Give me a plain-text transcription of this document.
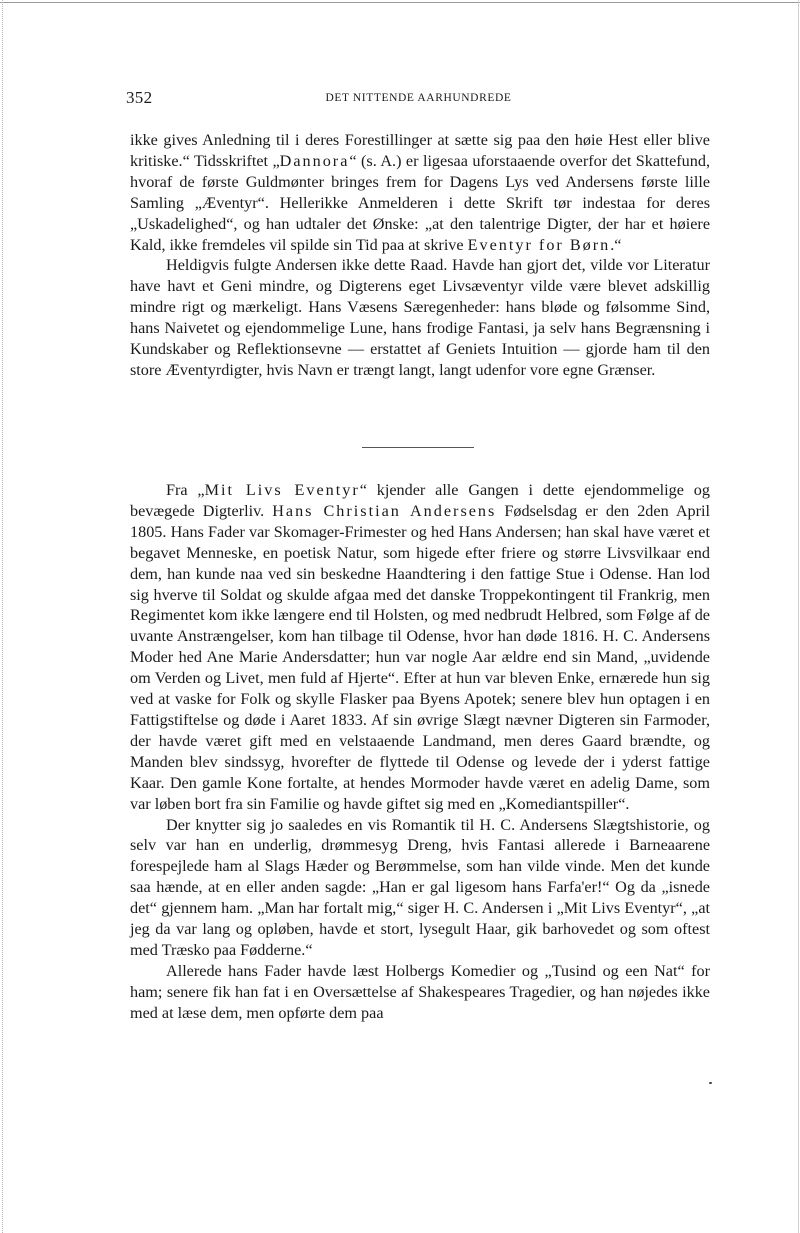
352	DET NITTENDE AARHUNDREDE

ikke gives Anledning til i deres Forestillinger at sætte sig paa den høie Hest eller blive kritiske.“ Tidsskriftet „Dannora“ (s. A.) er ligesaa uforstaaende overfor det Skattefund, hvoraf de første Guldmønter bringes frem for Dagens Lys ved Andersens første lille Samling „Æventyr“. Hellerikke Anmelderen i dette Skrift tør indestaa for deres „Uskadelighed“, og han udtaler det Ønske: „at den talentrige Digter, der har et høiere Kald, ikke fremdeles vil spilde sin Tid paa at skrive Eventyr for Børn.“

Heldigvis fulgte Andersen ikke dette Raad. Havde han gjort det, vilde vor Literatur have havt et Geni mindre, og Digterens eget Livsæventyr vilde være blevet adskillig mindre rigt og mærkeligt. Hans Væsens Særegenheder: hans bløde og følsomme Sind, hans Naivetet og ejendommelige Lune, hans frodige Fantasi, ja selv hans Begrænsning i Kundskaber og Reflektionsevne — erstattet af Geniets Intuition — gjorde ham til den store Æventyrdigter, hvis Navn er trængt langt, langt udenfor vore egne Grænser.

Fra „Mit Livs Eventyr“ kjender alle Gangen i dette ejendommelige og bevægede Digterliv. Hans Christian Andersens Fødselsdag er den 2den April 1805. Hans Fader var Skomager-Frimester og hed Hans Andersen; han skal have været et begavet Menneske, en poetisk Natur, som higede efter friere og større Livsvilkaar end dem, han kunde naa ved sin beskedne Haandtering i den fattige Stue i Odense. Han lod sig hverve til Soldat og skulde afgaa med det danske Troppekontingent til Frankrig, men Regimentet kom ikke længere end til Holsten, og med nedbrudt Helbred, som Følge af de uvante Anstrængelser, kom han tilbage til Odense, hvor han døde 1816. H. C. Andersens Moder hed Ane Marie Andersdatter; hun var nogle Aar ældre end sin Mand, „uvidende om Verden og Livet, men fuld af Hjerte“. Efter at hun var bleven Enke, ernærede hun sig ved at vaske for Folk og skylle Flasker paa Byens Apotek; senere blev hun optagen i en Fattigstiftelse og døde i Aaret 1833. Af sin øvrige Slægt nævner Digteren sin Farmoder, der havde været gift med en velstaaende Landmand, men deres Gaard brændte, og Manden blev sindssyg, hvorefter de flyttede til Odense og levede der i yderst fattige Kaar. Den gamle Kone fortalte, at hendes Mormoder havde været en adelig Dame, som var løben bort fra sin Familie og havde giftet sig med en „Komediantspiller“.

Der knytter sig jo saaledes en vis Romantik til H. C. Andersens Slægtshistorie, og selv var han en underlig, drømmesyg Dreng, hvis Fantasi allerede i Barneaarene forespejlede ham al Slags Hæder og Berømmelse, som han vilde vinde. Men det kunde saa hænde, at en eller anden sagde: „Han er gal ligesom hans Farfa'er!“ Og da „isnede det“ gjennem ham. „Man har fortalt mig,“ siger H. C. Andersen i „Mit Livs Eventyr“, „at jeg da var lang og opløben, havde et stort, lysegult Haar, gik barhovedet og som oftest med Træsko paa Fødderne.“

Allerede hans Fader havde læst Holbergs Komedier og „Tusind og een Nat“ for ham; senere fik han fat i en Oversættelse af Shakespeares Tragedier, og han nøjedes ikke med at læse dem, men opførte dem paa
